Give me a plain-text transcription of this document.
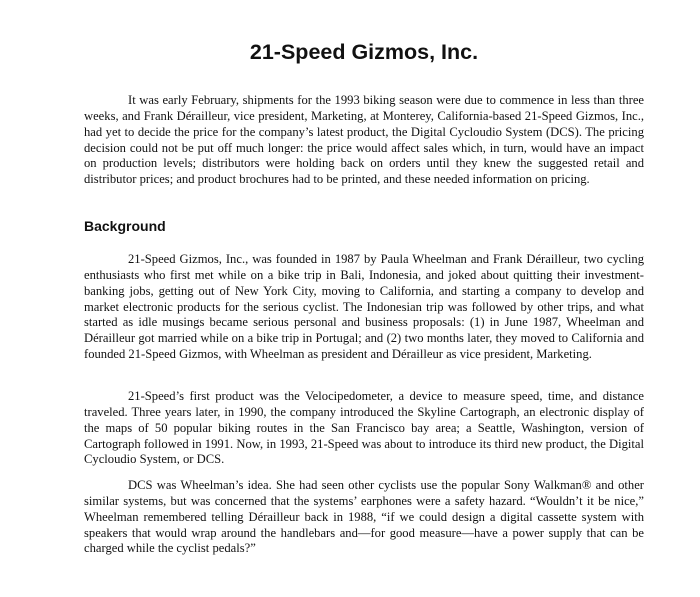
21-Speed Gizmos, Inc.

It was early February, shipments for the 1993 biking season were due to commence in less than three weeks, and Frank Dérailleur, vice president, Marketing, at Monterey, California-based 21-Speed Gizmos, Inc., had yet to decide the price for the company’s latest product, the Digital Cycloudio System (DCS). The pricing decision could not be put off much longer: the price would affect sales which, in turn, would have an impact on production levels; distributors were holding back on orders until they knew the suggested retail and distributor prices; and product brochures had to be printed, and these needed information on pricing.

Background

21-Speed Gizmos, Inc., was founded in 1987 by Paula Wheelman and Frank Dérailleur, two cycling enthusiasts who first met while on a bike trip in Bali, Indonesia, and joked about quitting their investment-banking jobs, getting out of New York City, moving to California, and starting a company to develop and market electronic products for the serious cyclist. The Indonesian trip was followed by other trips, and what started as idle musings became serious personal and business proposals: (1) in June 1987, Wheelman and Dérailleur got married while on a bike trip in Portugal; and (2) two months later, they moved to California and founded 21-Speed Gizmos, with Wheelman as president and Dérailleur as vice president, Marketing.

21-Speed’s first product was the Velocipedometer, a device to measure speed, time, and distance traveled. Three years later, in 1990, the company introduced the Skyline Cartograph, an electronic display of the maps of 50 popular biking routes in the San Francisco bay area; a Seattle, Washington, version of Cartograph followed in 1991. Now, in 1993, 21-Speed was about to introduce its third new product, the Digital Cycloudio System, or DCS.

DCS was Wheelman’s idea. She had seen other cyclists use the popular Sony Walkman® and other similar systems, but was concerned that the systems’ earphones were a safety hazard. “Wouldn’t it be nice,” Wheelman remembered telling Dérailleur back in 1988, “if we could design a digital cassette system with speakers that would wrap around the handlebars and—for good measure—have a power supply that can be charged while the cyclist pedals?”
